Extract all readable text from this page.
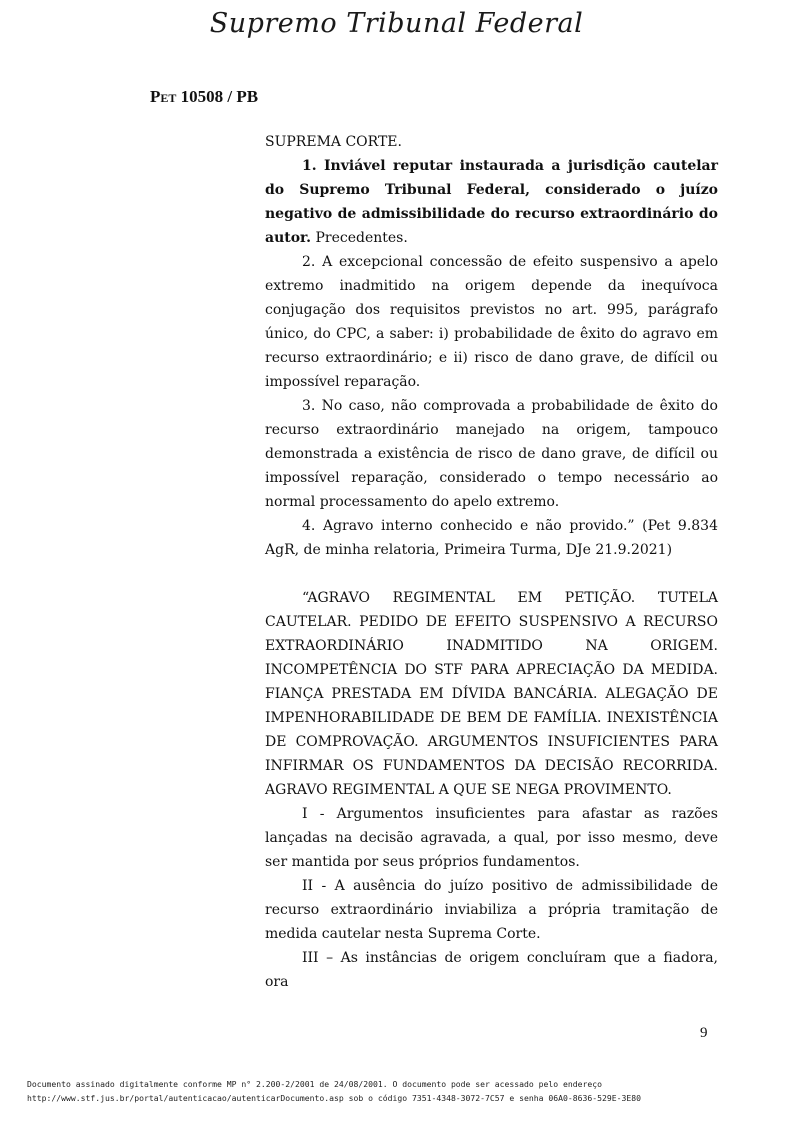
Supremo Tribunal Federal
Pet 10508 / PB

SUPREMA CORTE.

1. Inviável reputar instaurada a jurisdição cautelar do Supremo Tribunal Federal, considerado o juízo negativo de admissibilidade do recurso extraordinário do autor. Precedentes.

2. A excepcional concessão de efeito suspensivo a apelo extremo inadmitido na origem depende da inequívoca conjugação dos requisitos previstos no art. 995, parágrafo único, do CPC, a saber: i) probabilidade de êxito do agravo em recurso extraordinário; e ii) risco de dano grave, de difícil ou impossível reparação.

3. No caso, não comprovada a probabilidade de êxito do recurso extraordinário manejado na origem, tampouco demonstrada a existência de risco de dano grave, de difícil ou impossível reparação, considerado o tempo necessário ao normal processamento do apelo extremo.

4. Agravo interno conhecido e não provido.” (Pet 9.834 AgR, de minha relatoria, Primeira Turma, DJe 21.9.2021)

“AGRAVO REGIMENTAL EM PETIÇÃO. TUTELA CAUTELAR. PEDIDO DE EFEITO SUSPENSIVO A RECURSO EXTRAORDINÁRIO INADMITIDO NA ORIGEM. INCOMPETÊNCIA DO STF PARA APRECIAÇÃO DA MEDIDA. FIANÇA PRESTADA EM DÍVIDA BANCÁRIA. ALEGAÇÃO DE IMPENHORABILIDADE DE BEM DE FAMÍLIA. INEXISTÊNCIA DE COMPROVAÇÃO. ARGUMENTOS INSUFICIENTES PARA INFIRMAR OS FUNDAMENTOS DA DECISÃO RECORRIDA. AGRAVO REGIMENTAL A QUE SE NEGA PROVIMENTO.

I - Argumentos insuficientes para afastar as razões lançadas na decisão agravada, a qual, por isso mesmo, deve ser mantida por seus próprios fundamentos.

II - A ausência do juízo positivo de admissibilidade de recurso extraordinário inviabiliza a própria tramitação de medida cautelar nesta Suprema Corte.

III – As instâncias de origem concluíram que a fiadora, ora

9
Documento assinado digitalmente conforme MP n° 2.200-2/2001 de 24/08/2001. O documento pode ser acessado pelo endereço
http://www.stf.jus.br/portal/autenticacao/autenticarDocumento.asp sob o código 7351-4348-3072-7C57 e senha 06A0-8636-529E-3E80
